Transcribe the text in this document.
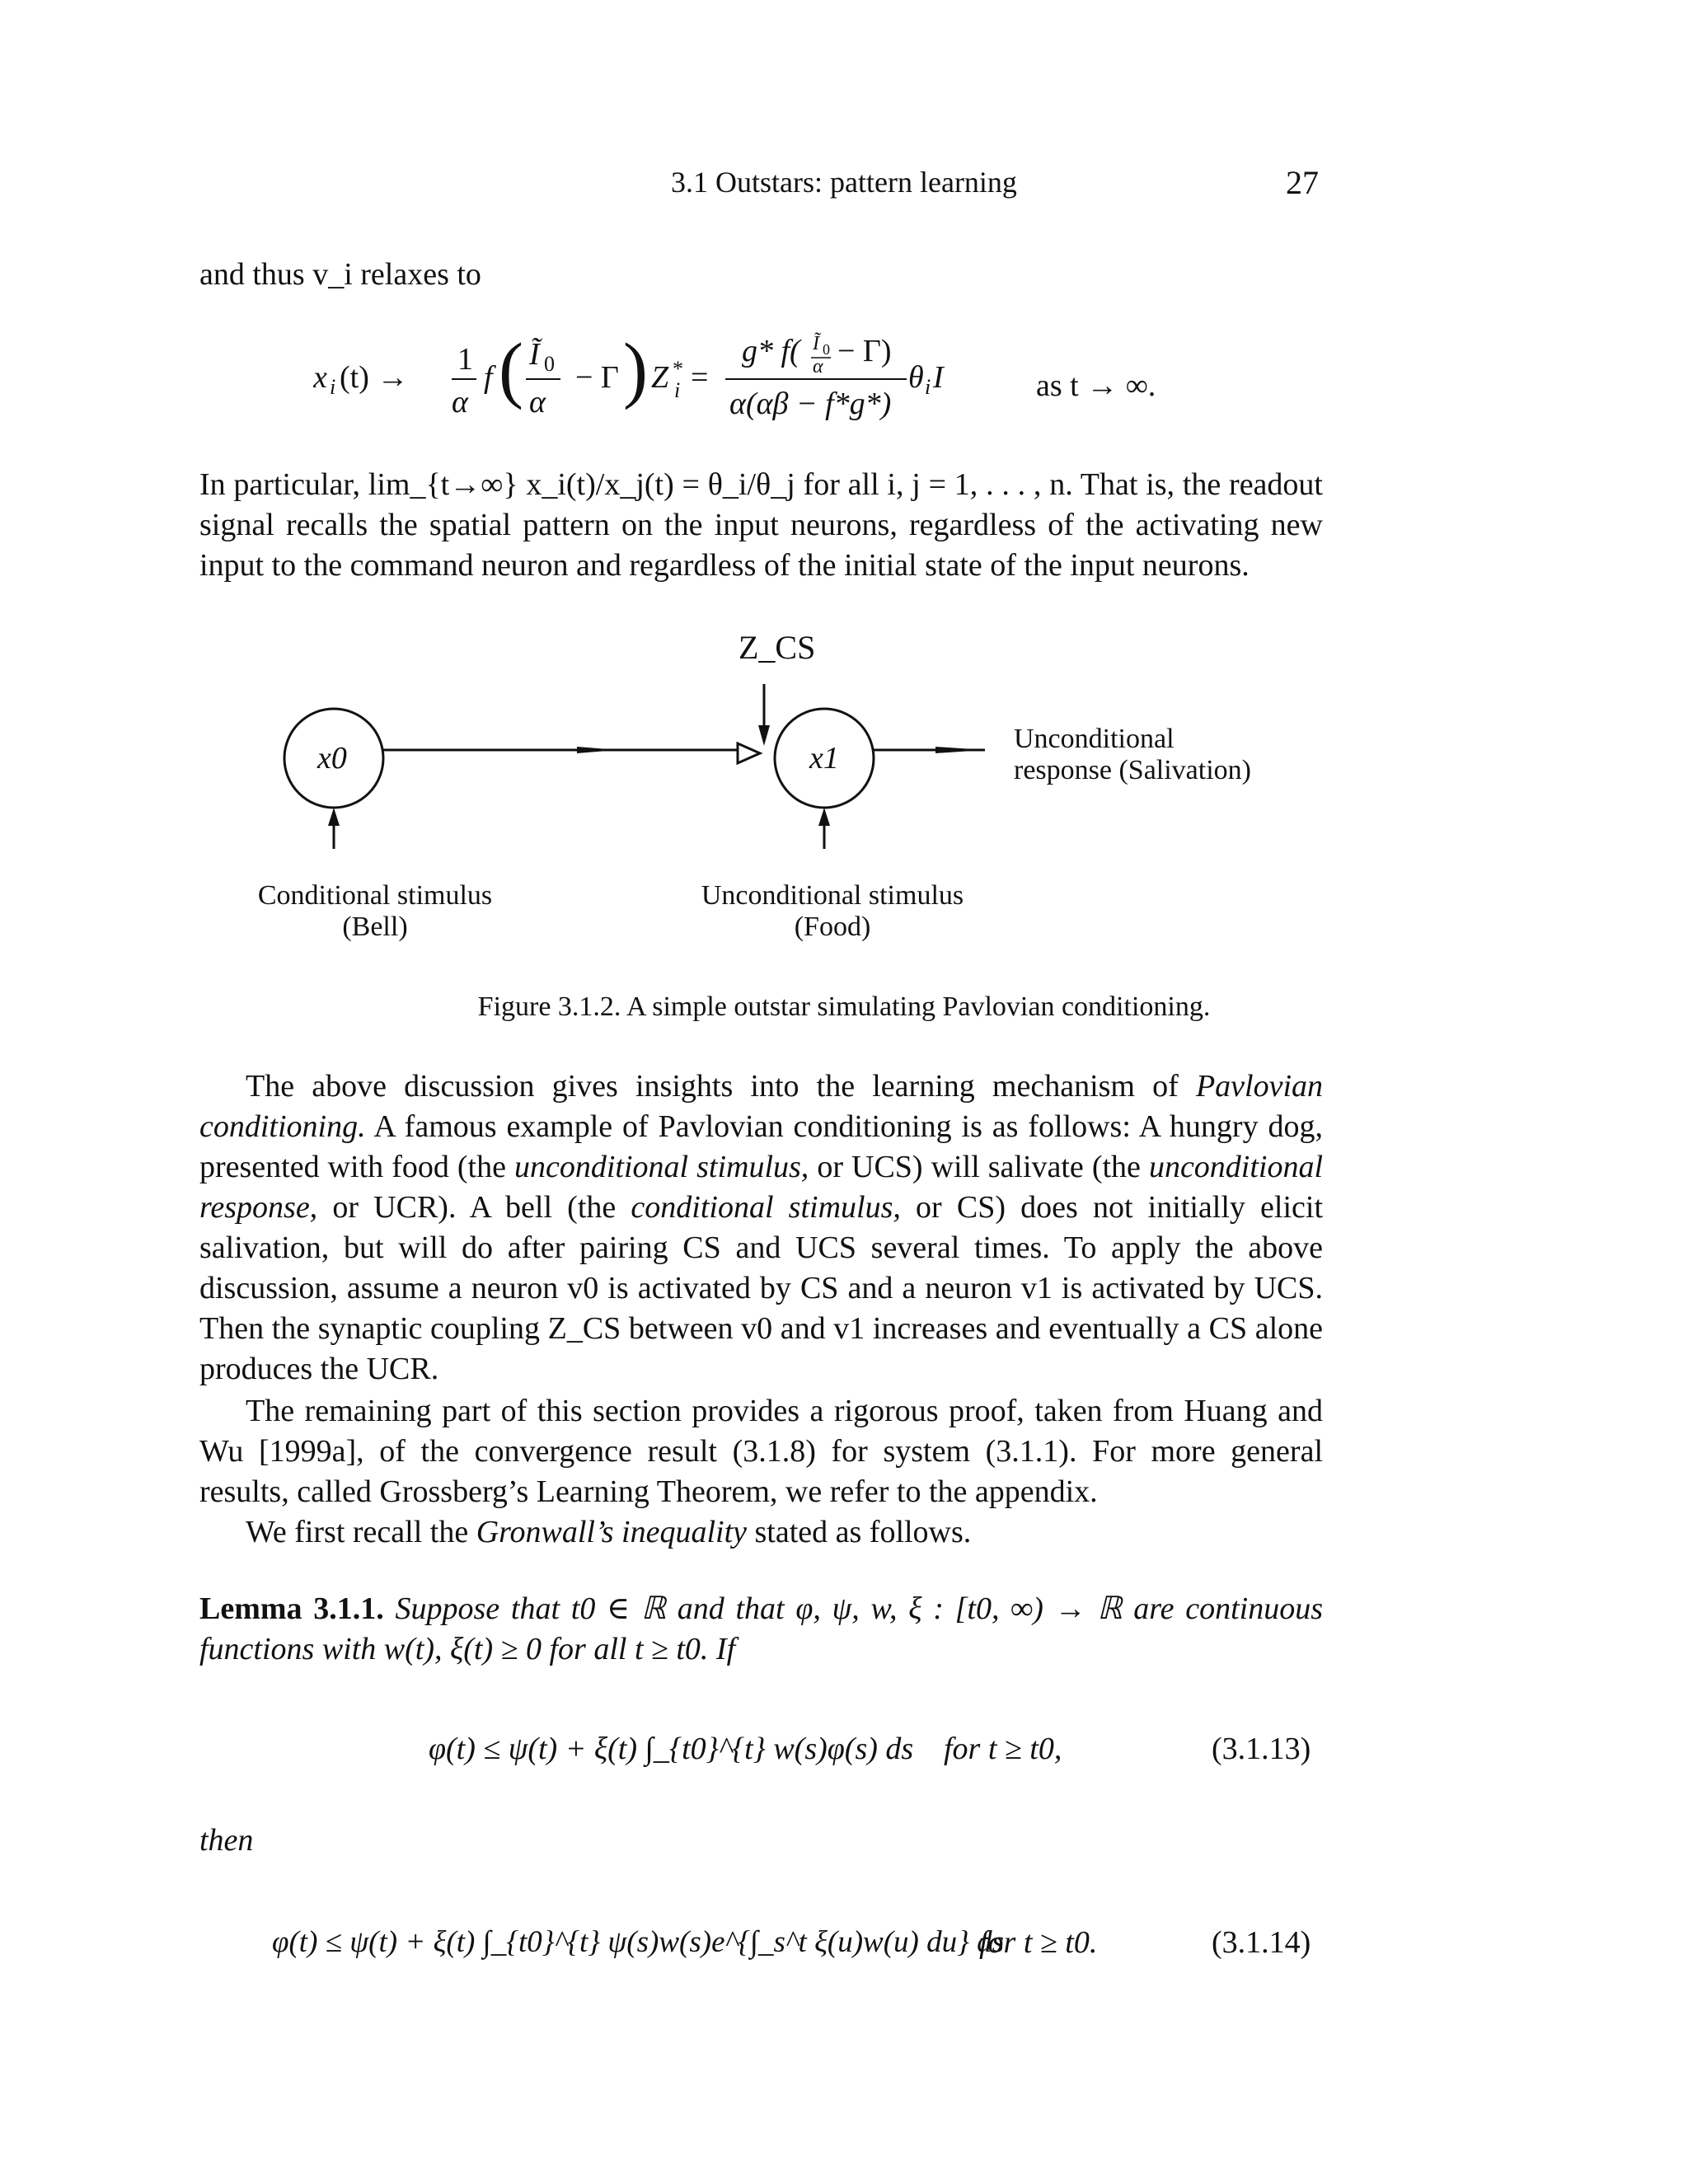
3.1 Outstars: pattern learning	27
and thus v_i relaxes to
x i (t) →
1
α
f ( Ĩ 0
α
− Γ ) Z *
i =
g* f( Ĩ 0
α − Γ)
α(αβ − f*g*)
θ i I	as t → ∞.

In particular, lim_{t→∞} x_i(t)/x_j(t) = θ_i/θ_j for all i, j = 1, . . . , n. That is, the readout signal recalls the spatial pattern on the input neurons, regardless of the activating new input to the command neuron and regardless of the initial state of the input neurons.

Z_CS
x0	x1
Unconditional
response (Salivation)
Conditional stimulus
(Bell)
Unconditional stimulus
(Food)
Figure 3.1.2. A simple outstar simulating Pavlovian conditioning.

The above discussion gives insights into the learning mechanism of Pavlovian conditioning. A famous example of Pavlovian conditioning is as follows: A hungry dog, presented with food (the unconditional stimulus, or UCS) will salivate (the unconditional response, or UCR). A bell (the conditional stimulus, or CS) does not initially elicit salivation, but will do after pairing CS and UCS several times. To apply the above discussion, assume a neuron v0 is activated by CS and a neuron v1 is activated by UCS. Then the synaptic coupling Z_CS between v0 and v1 increases and eventually a CS alone produces the UCR.

The remaining part of this section provides a rigorous proof, taken from Huang and Wu [1999a], of the convergence result (3.1.8) for system (3.1.1). For more general results, called Grossberg’s Learning Theorem, we refer to the appendix.

We first recall the Gronwall’s inequality stated as follows.

Lemma 3.1.1. Suppose that t0 ∈ ℝ and that φ, ψ, w, ξ : [t0, ∞) → ℝ are continuous functions with w(t), ξ(t) ≥ 0 for all t ≥ t0. If

φ(t) ≤ ψ(t) + ξ(t) ∫_{t0}^{t} w(s)φ(s) ds for t ≥ t0,	(3.1.13)
then
φ(t) ≤ ψ(t) + ξ(t) ∫_{t0}^{t} ψ(s)w(s)e^{∫_s^t ξ(u)w(u) du} ds
for t ≥ t0.	(3.1.14)
